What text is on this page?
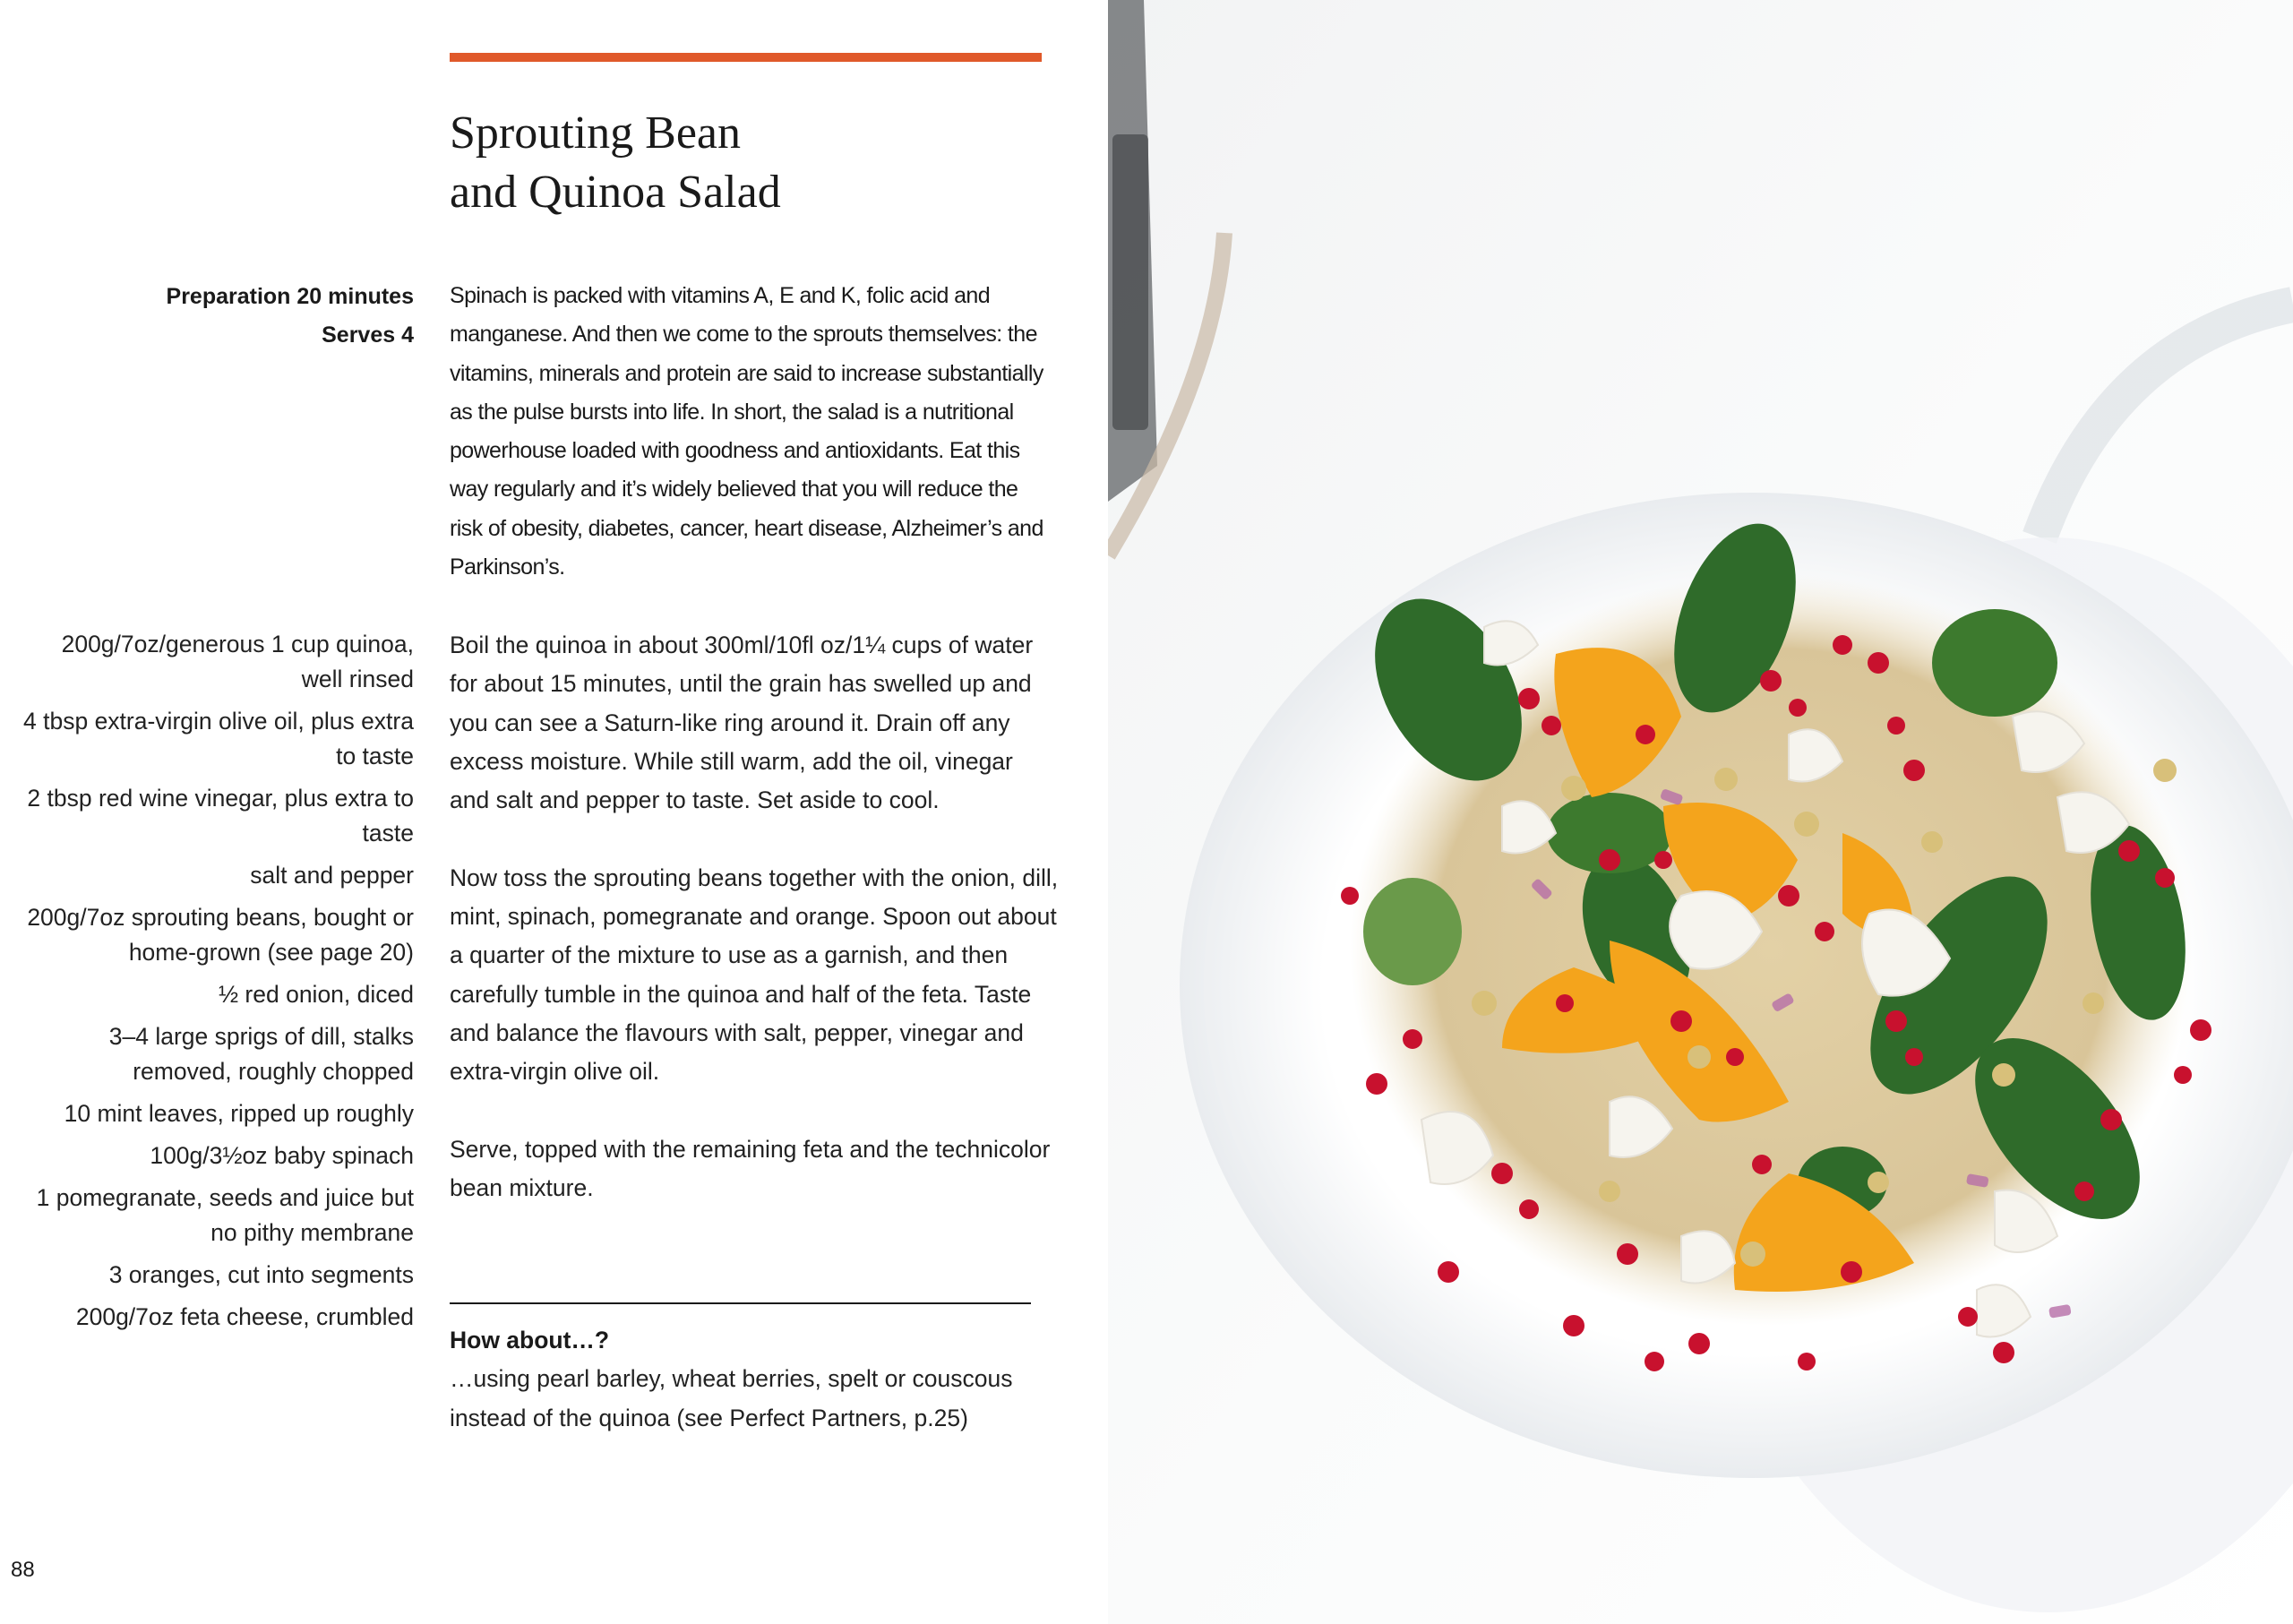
Sprouting Bean
and Quinoa Salad
Preparation 20 minutes
Serves 4

Spinach is packed with vitamins A, E and K, folic acid and manganese. And then we come to the sprouts themselves: the vitamins, minerals and protein are said to increase substantially as the pulse bursts into life. In short, the salad is a nutritional powerhouse loaded with goodness and antioxidants. Eat this way regularly and it’s widely believed that you will reduce the risk of obesity, diabetes, cancer, heart disease, Alzheimer’s and Parkinson’s.

200g/7oz/generous 1 cup quinoa, well rinsed
4 tbsp extra-virgin olive oil, plus extra to taste
2 tbsp red wine vinegar, plus extra to taste
salt and pepper
200g/7oz sprouting beans, bought or home-grown (see page 20)
½ red onion, diced
3–4 large sprigs of dill, stalks removed, roughly chopped
10 mint leaves, ripped up roughly
100g/3½oz baby spinach
1 pomegranate, seeds and juice but no pithy membrane
3 oranges, cut into segments
200g/7oz feta cheese, crumbled

Boil the quinoa in about 300ml/10fl oz/1¼ cups of water for about 15 minutes, until the grain has swelled up and you can see a Saturn-like ring around it. Drain off any excess moisture. While still warm, add the oil, vinegar and salt and pepper to taste. Set aside to cool.

Now toss the sprouting beans together with the onion, dill, mint, spinach, pomegranate and orange. Spoon out about a quarter of the mixture to use as a garnish, and then carefully tumble in the quinoa and half of the feta. Taste and balance the flavours with salt, pepper, vinegar and extra-virgin olive oil.

Serve, topped with the remaining feta and the technicolor bean mixture.

How about…?
…using pearl barley, wheat berries, spelt or couscous instead of the quinoa (see Perfect Partners, p.25)
88
